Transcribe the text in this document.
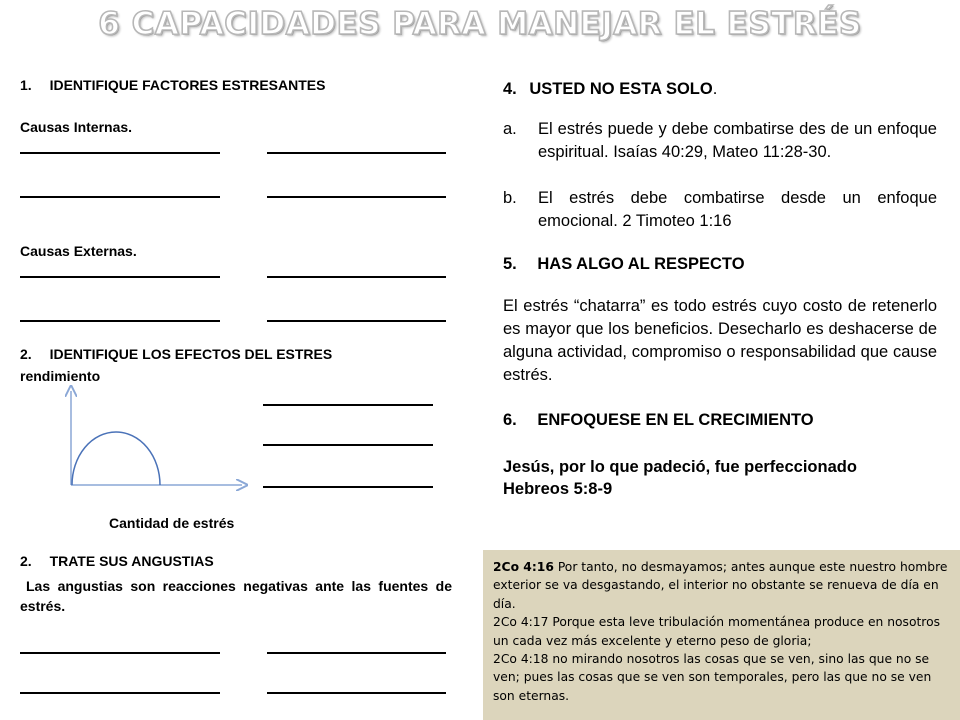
6 CAPACIDADES PARA MANEJAR EL ESTRÉS
1. IDENTIFIQUE FACTORES ESTRESANTES
Causas Internas.
Causas Externas.
2. IDENTIFIQUE LOS EFECTOS DEL ESTRES
rendimiento
Cantidad de estrés
2. TRATE SUS ANGUSTIAS
Las angustias son reacciones negativas ante las fuentes de estrés.
4. USTED NO ESTA SOLO.
a. El estrés puede y debe combatirse des de un enfoque espiritual. Isaías 40:29, Mateo 11:28-30.
b. El estrés debe combatirse desde un enfoque emocional. 2 Timoteo 1:16
5. HAS ALGO AL RESPECTO
El estrés “chatarra” es todo estrés cuyo costo de retenerlo es mayor que los beneficios. Desecharlo es deshacerse de alguna actividad, compromiso o responsabilidad que cause estrés.
6. ENFOQUESE EN EL CRECIMIENTO
Jesús, por lo que padeció, fue perfeccionado
Hebreos 5:8-9
2Co 4:16 Por tanto, no desmayamos; antes aunque este nuestro hombre exterior se va desgastando, el interior no obstante se renueva de día en día.
2Co 4:17 Porque esta leve tribulación momentánea produce en nosotros un cada vez más excelente y eterno peso de gloria;
2Co 4:18 no mirando nosotros las cosas que se ven, sino las que no se ven; pues las cosas que se ven son temporales, pero las que no se ven son eternas.
